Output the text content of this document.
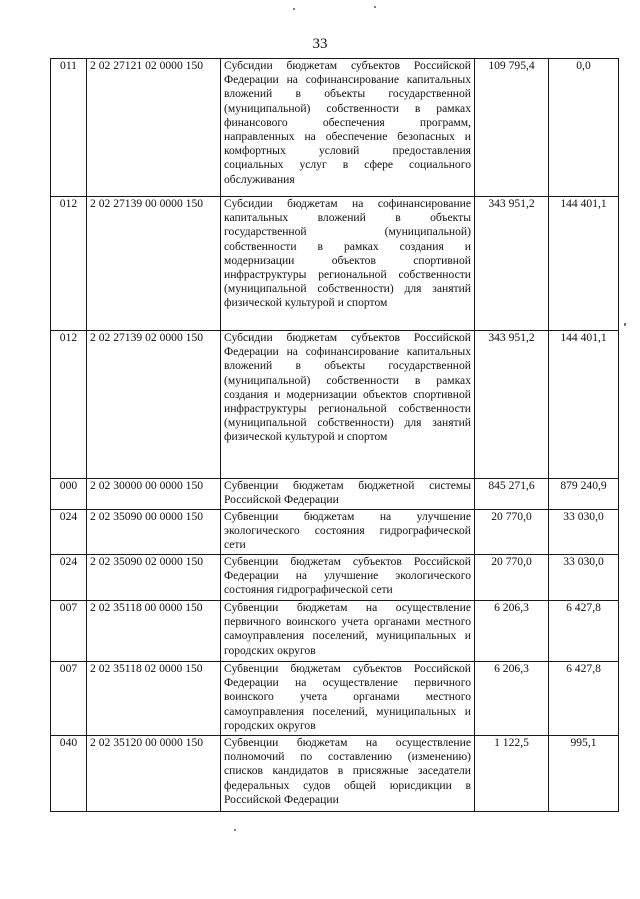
33
011	2 02 27121 02 0000 150	Субсидии бюджетам субъектов Российской Федерации на софинансирование капитальных вложений в объекты государственной (муниципальной) собственности в рамках финансового обеспечения программ, направленных на обеспечение безопасных и комфортных условий предоставления социальных услуг в сфере социального обслуживания	109 795,4	0,0
012	2 02 27139 00 0000 150	Субсидии бюджетам на софинансирование капитальных вложений в объекты государственной (муниципальной) собственности в рамках создания и модернизации объектов спортивной инфраструктуры региональной собственности (муниципальной собственности) для занятий физической культурой и спортом	343 951,2	144 401,1
012	2 02 27139 02 0000 150	Субсидии бюджетам субъектов Российской Федерации на софинансирование капитальных вложений в объекты государственной (муниципальной) собственности в рамках создания и модернизации объектов спортивной инфраструктуры региональной собственности (муниципальной собственности) для занятий физической культурой и спортом	343 951,2	144 401,1
000	2 02 30000 00 0000 150	Субвенции бюджетам бюджетной системы Российской Федерации	845 271,6	879 240,9
024	2 02 35090 00 0000 150	Субвенции бюджетам на улучшение экологического состояния гидрографической сети	20 770,0	33 030,0
024	2 02 35090 02 0000 150	Субвенции бюджетам субъектов Российской Федерации на улучшение экологического состояния гидрографической сети	20 770,0	33 030,0
007	2 02 35118 00 0000 150	Субвенции бюджетам на осуществление первичного воинского учета органами местного самоуправления поселений, муниципальных и городских округов	6 206,3	6 427,8
007	2 02 35118 02 0000 150	Субвенции бюджетам субъектов Российской Федерации на осуществление первичного воинского учета органами местного самоуправления поселений, муниципальных и городских округов	6 206,3	6 427,8
040	2 02 35120 00 0000 150	Субвенции бюджетам на осуществление полномочий по составлению (изменению) списков кандидатов в присяжные заседатели федеральных судов общей юрисдикции в Российской Федерации	1 122,5	995,1
